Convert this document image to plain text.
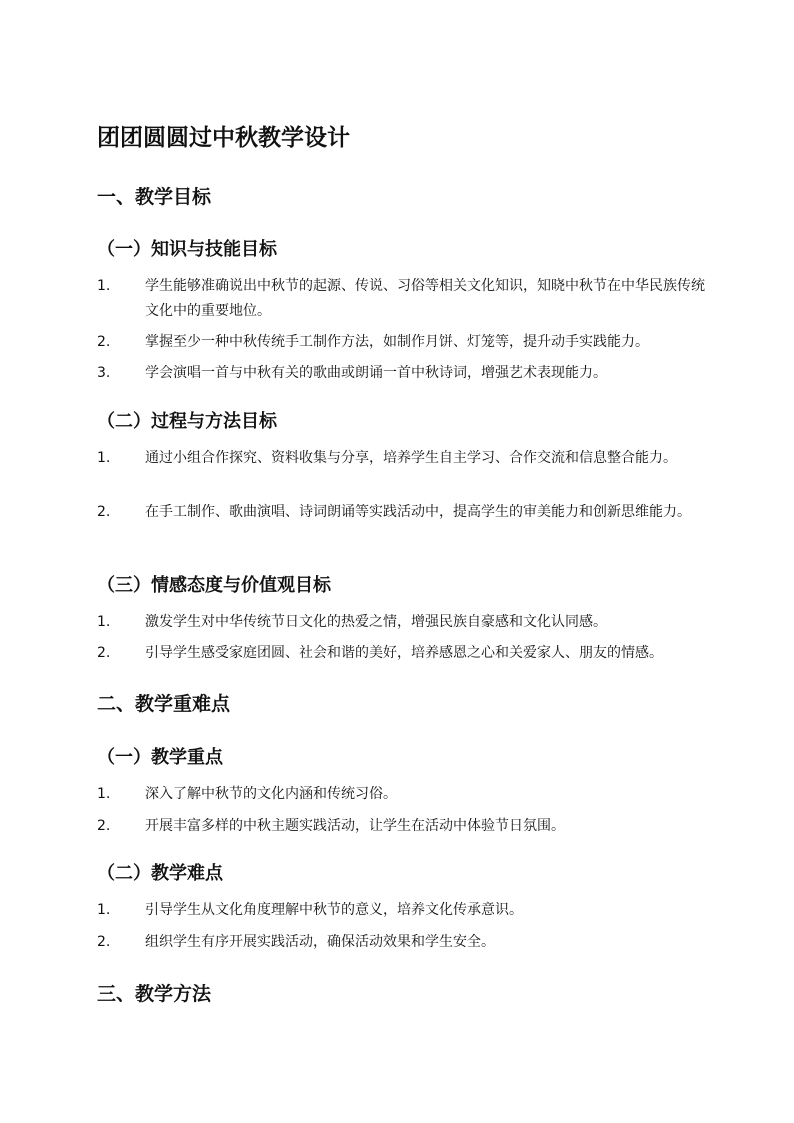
团团圆圆过中秋教学设计
一、教学目标
（一）知识与技能目标
1.	学生能够准确说出中秋节的起源、传说、习俗等相关文化知识，知晓中秋节在中华民族传统文化中的重要地位。
2.	掌握至少一种中秋传统手工制作方法，如制作月饼、灯笼等，提升动手实践能力。
3.	学会演唱一首与中秋有关的歌曲或朗诵一首中秋诗词，增强艺术表现能力。
（二）过程与方法目标
1.	通过小组合作探究、资料收集与分享，培养学生自主学习、合作交流和信息整合能力。
2.	在手工制作、歌曲演唱、诗词朗诵等实践活动中，提高学生的审美能力和创新思维能力。
（三）情感态度与价值观目标
1.	激发学生对中华传统节日文化的热爱之情，增强民族自豪感和文化认同感。
2.	引导学生感受家庭团圆、社会和谐的美好，培养感恩之心和关爱家人、朋友的情感。
二、教学重难点
（一）教学重点
1.	深入了解中秋节的文化内涵和传统习俗。
2.	开展丰富多样的中秋主题实践活动，让学生在活动中体验节日氛围。
（二）教学难点
1.	引导学生从文化角度理解中秋节的意义，培养文化传承意识。
2.	组织学生有序开展实践活动，确保活动效果和学生安全。
三、教学方法
